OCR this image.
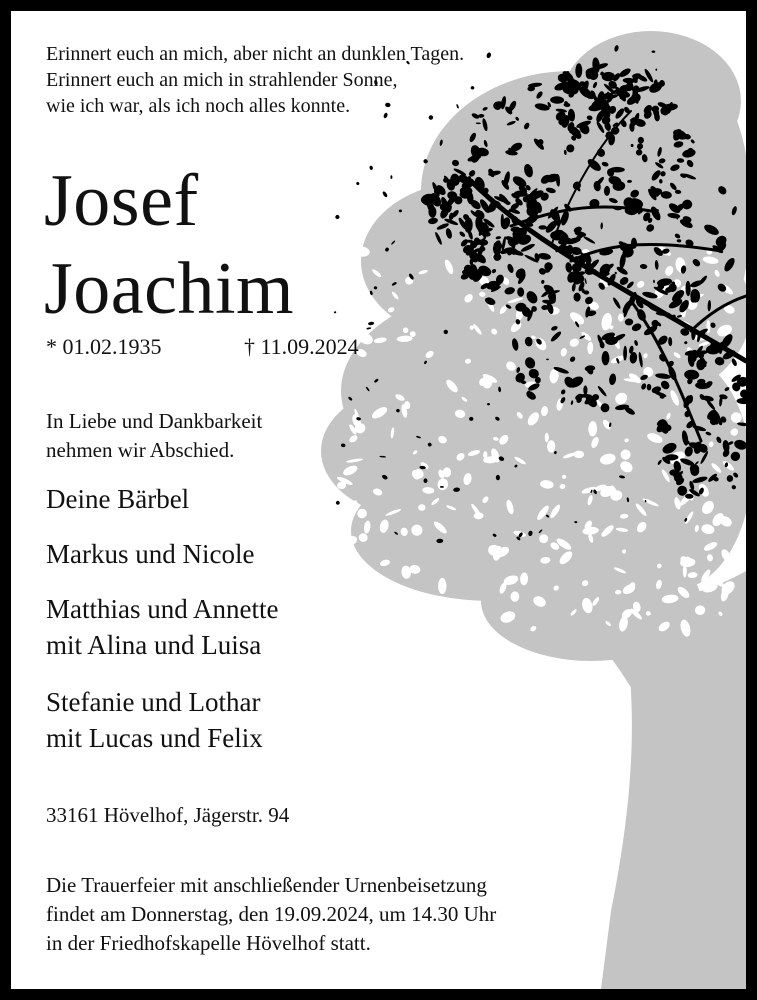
Erinnert euch an mich, aber nicht an dunklen Tagen.
Erinnert euch an mich in strahlender Sonne,
wie ich war, als ich noch alles konnte.
Josef
Joachim
* 01.02.1935	† 11.09.2024
In Liebe und Dankbarkeit
nehmen wir Abschied.
Deine Bärbel
Markus und Nicole
Matthias und Annette
mit Alina und Luisa
Stefanie und Lothar
mit Lucas und Felix
33161 Hövelhof, Jägerstr. 94
Die Trauerfeier mit anschließender Urnenbeisetzung
findet am Donnerstag, den 19.09.2024, um 14.30 Uhr
in der Friedhofskapelle Hövelhof statt.
